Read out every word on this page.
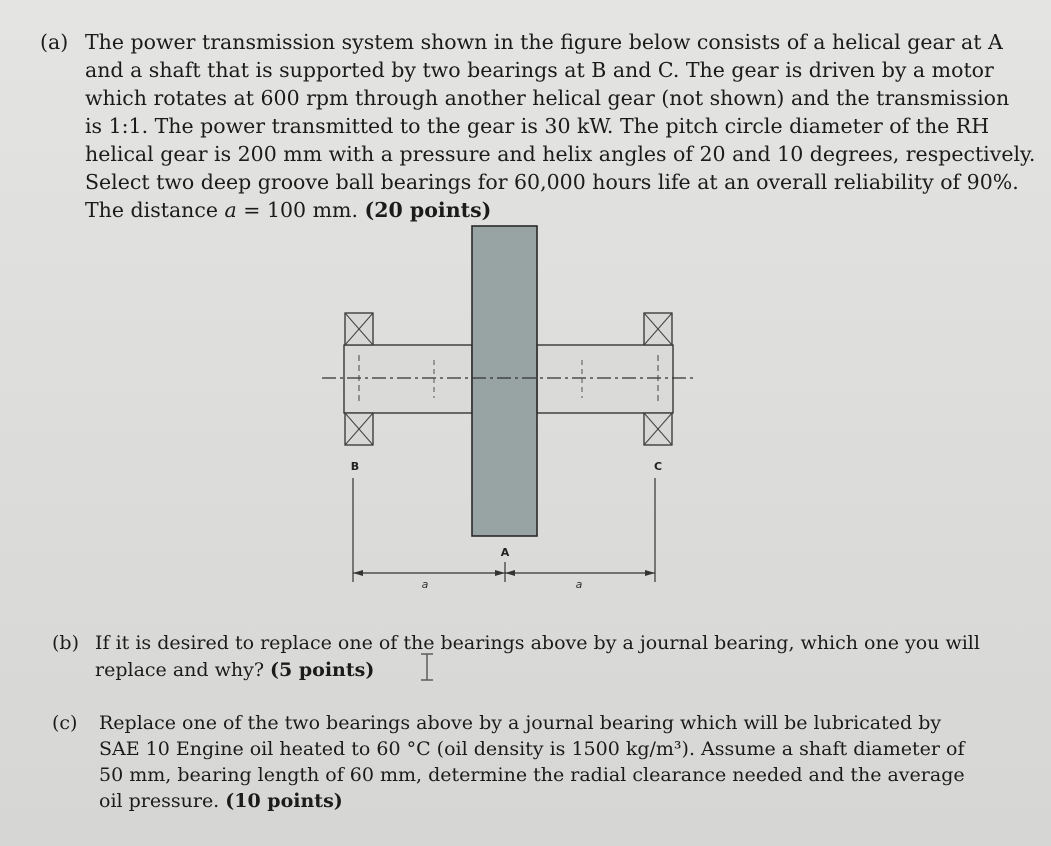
(a) The power transmission system shown in the figure below consists of a helical gear at A
and a shaft that is supported by two bearings at B and C. The gear is driven by a motor
which rotates at 600 rpm through another helical gear (not shown) and the transmission
is 1:1. The power transmitted to the gear is 30 kW. The pitch circle diameter of the RH
helical gear is 200 mm with a pressure and helix angles of 20 and 10 degrees, respectively.
Select two deep groove ball bearings for 60,000 hours life at an overall reliability of 90%.
The distance a = 100 mm. (20 points)
B	C
A
a	a
(b) If it is desired to replace one of the bearings above by a journal bearing, which one you will
replace and why? (5 points)
(c) Replace one of the two bearings above by a journal bearing which will be lubricated by
SAE 10 Engine oil heated to 60 °C (oil density is 1500 kg/m³). Assume a shaft diameter of
50 mm, bearing length of 60 mm, determine the radial clearance needed and the average
oil pressure. (10 points)
